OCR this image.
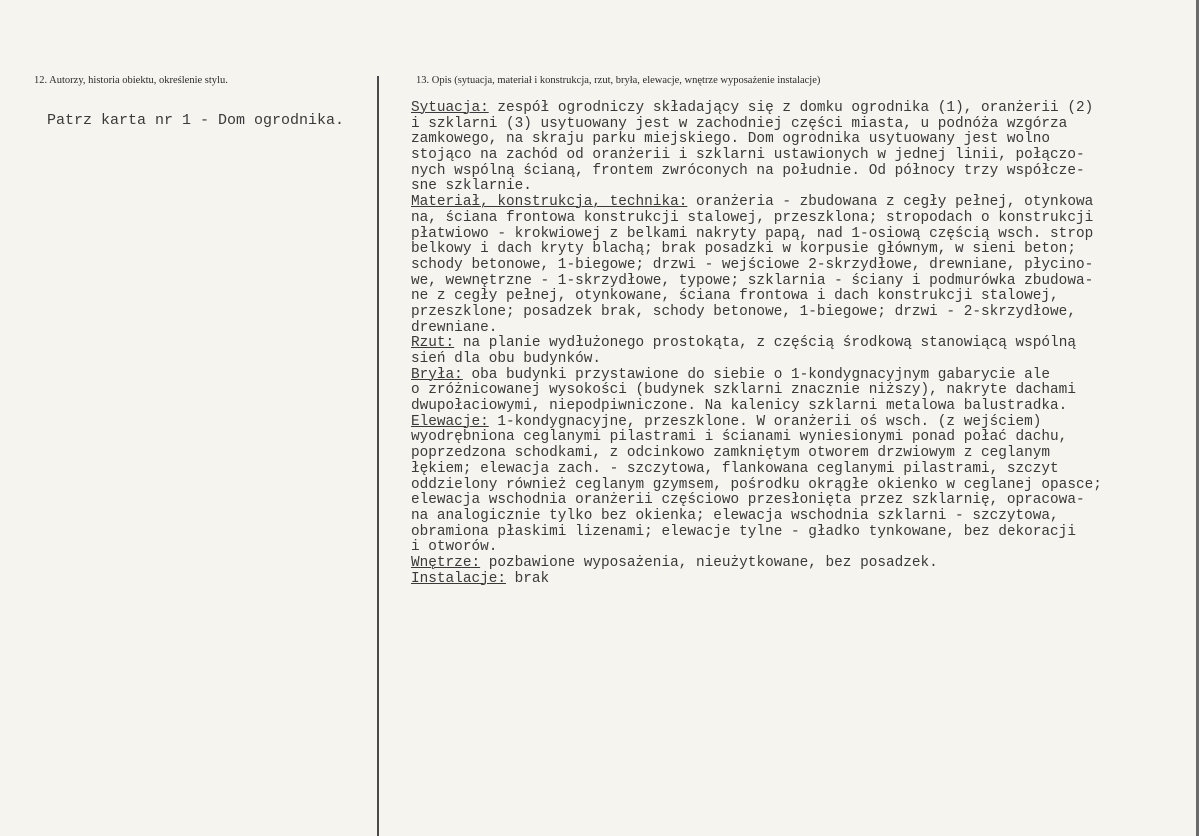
12. Autorzy, historia obiektu, określenie stylu.	13. Opis (sytuacja, materiał i konstrukcja, rzut, bryła, elewacje, wnętrze wyposażenie instalacje)
Patrz karta nr 1 - Dom ogrodnika.
Sytuacja: zespół ogrodniczy składający się z domku ogrodnika (1), oranżerii (2)
i szklarni (3) usytuowany jest w zachodniej części miasta, u podnóża wzgórza
zamkowego, na skraju parku miejskiego. Dom ogrodnika usytuowany jest wolno
stojąco na zachód od oranżerii i szklarni ustawionych w jednej linii, połączo-
nych wspólną ścianą, frontem zwróconych na południe. Od północy trzy współcze-
sne szklarnie.
Materiał, konstrukcja, technika: oranżeria - zbudowana z cegły pełnej, otynkowa
na, ściana frontowa konstrukcji stalowej, przeszklona; stropodach o konstrukcji
płatwiowo - krokwiowej z belkami nakryty papą, nad 1-osiową częścią wsch. strop
belkowy i dach kryty blachą; brak posadzki w korpusie głównym, w sieni beton;
schody betonowe, 1-biegowe; drzwi - wejściowe 2-skrzydłowe, drewniane, płycino-
we, wewnętrzne - 1-skrzydłowe, typowe; szklarnia - ściany i podmurówka zbudowa-
ne z cegły pełnej, otynkowane, ściana frontowa i dach konstrukcji stalowej,
przeszklone; posadzek brak, schody betonowe, 1-biegowe; drzwi - 2-skrzydłowe,
drewniane.
Rzut: na planie wydłużonego prostokąta, z częścią środkową stanowiącą wspólną
sień dla obu budynków.
Bryła: oba budynki przystawione do siebie o 1-kondygnacyjnym gabarycie ale
o zróżnicowanej wysokości (budynek szklarni znacznie niższy), nakryte dachami
dwupołaciowymi, niepodpiwniczone. Na kalenicy szklarni metalowa balustradka.
Elewacje: 1-kondygnacyjne, przeszklone. W oranżerii oś wsch. (z wejściem)
wyodrębniona ceglanymi pilastrami i ścianami wyniesionymi ponad połać dachu,
poprzedzona schodkami, z odcinkowo zamkniętym otworem drzwiowym z ceglanym
łękiem; elewacja zach. - szczytowa, flankowana ceglanymi pilastrami, szczyt
oddzielony również ceglanym gzymsem, pośrodku okrągłe okienko w ceglanej opasce;
elewacja wschodnia oranżerii częściowo przesłonięta przez szklarnię, opracowa-
na analogicznie tylko bez okienka; elewacja wschodnia szklarni - szczytowa,
obramiona płaskimi lizenami; elewacje tylne - gładko tynkowane, bez dekoracji
i otworów.
Wnętrze: pozbawione wyposażenia, nieużytkowane, bez posadzek.
Instalacje: brak
